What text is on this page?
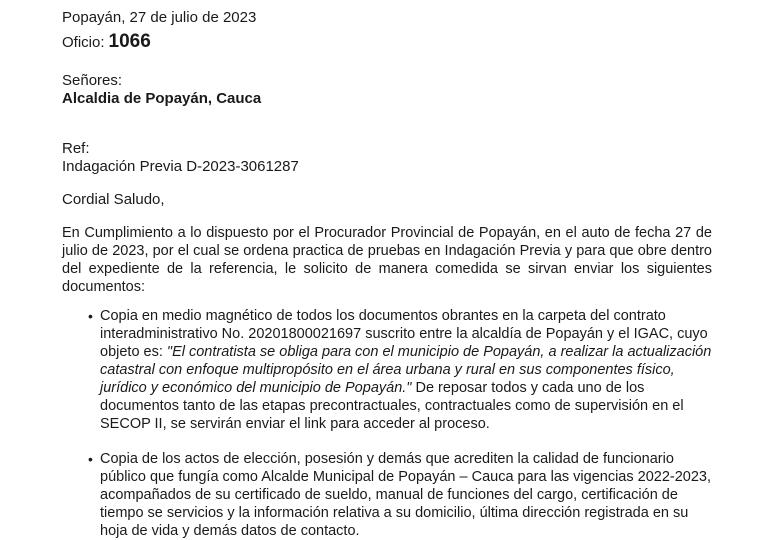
Popayán, 27 de julio de 2023
Oficio: 1066
Señores:
Alcaldia de Popayán, Cauca
Ref:
Indagación Previa D-2023-3061287
Cordial Saludo,
En Cumplimiento a lo dispuesto por el Procurador Provincial de Popayán, en el auto de fecha 27 de julio de 2023, por el cual se ordena practica de pruebas en Indagación Previa y para que obre dentro del expediente de la referencia, le solicito de manera comedida se sirvan enviar los siguientes documentos:
• Copia en medio magnético de todos los documentos obrantes en la carpeta del contrato interadministrativo No. 20201800021697 suscrito entre la alcaldía de Popayán y el IGAC, cuyo objeto es: "El contratista se obliga para con el municipio de Popayán, a realizar la actualización catastral con enfoque multipropósito en el área urbana y rural en sus componentes físico, jurídico y económico del municipio de Popayán." De reposar todos y cada uno de los documentos tanto de las etapas precontractuales, contractuales como de supervisión en el SECOP II, se servirán enviar el link para acceder al proceso.
• Copia de los actos de elección, posesión y demás que acrediten la calidad de funcionario público que fungía como Alcalde Municipal de Popayán – Cauca para las vigencias 2022-2023, acompañados de su certificado de sueldo, manual de funciones del cargo, certificación de tiempo se servicios y la información relativa a su domicilio, última dirección registrada en su hoja de vida y demás datos de contacto.
